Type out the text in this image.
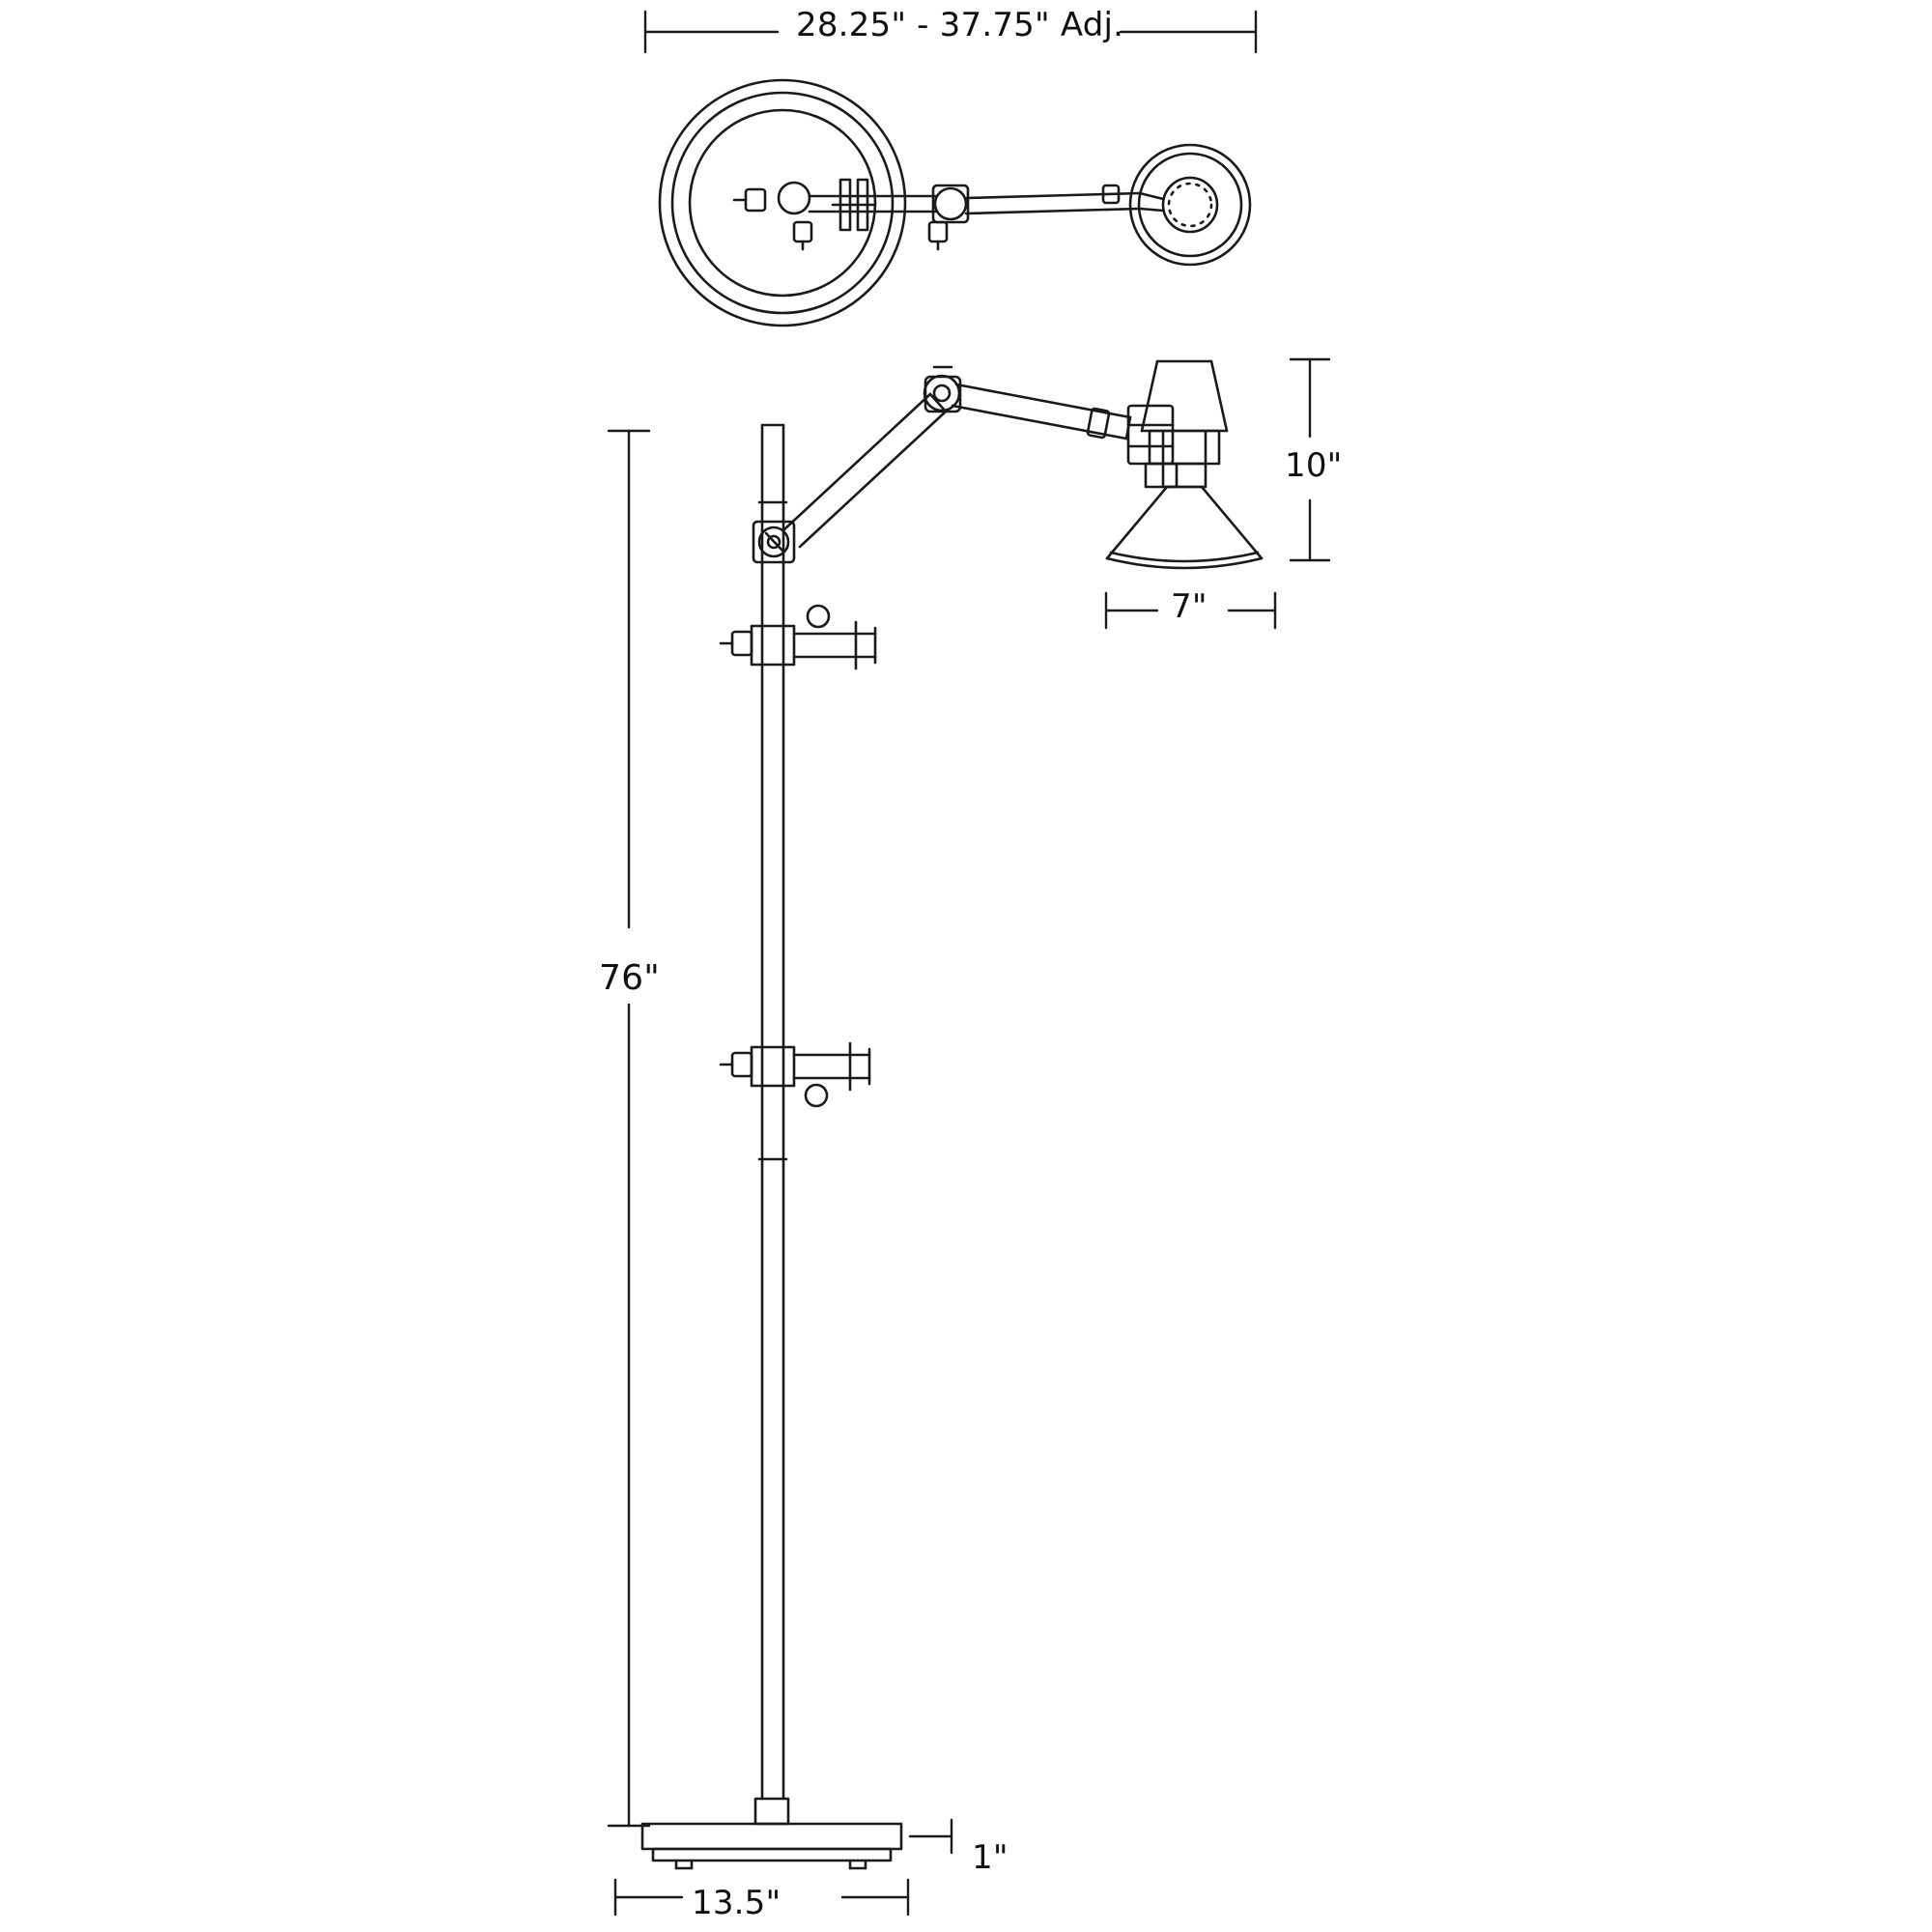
28.25" - 37.75" Adj.
76"
10"
7"
1"
13.5"
